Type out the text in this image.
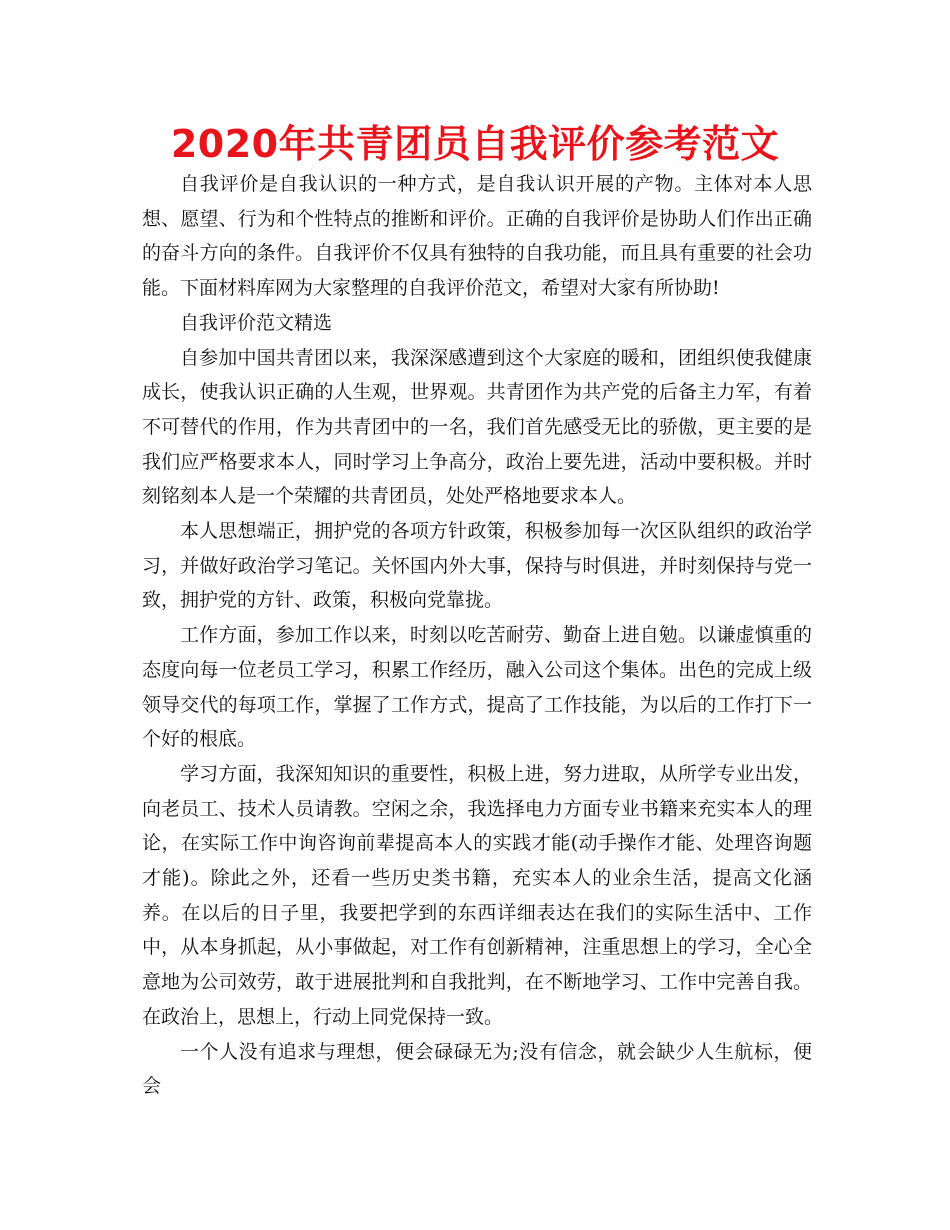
2020年共青团员自我评价参考范文

自我评价是自我认识的一种方式，是自我认识开展的产物。主体对本人思想、愿望、行为和个性特点的推断和评价。正确的自我评价是协助人们作出正确的奋斗方向的条件。自我评价不仅具有独特的自我功能，而且具有重要的社会功能。下面材料库网为大家整理的自我评价范文，希望对大家有所协助!

自我评价范文精选

自参加中国共青团以来，我深深感遭到这个大家庭的暖和，团组织使我健康成长，使我认识正确的人生观，世界观。共青团作为共产党的后备主力军，有着不可替代的作用，作为共青团中的一名，我们首先感受无比的骄傲，更主要的是我们应严格要求本人，同时学习上争高分，政治上要先进，活动中要积极。并时刻铭刻本人是一个荣耀的共青团员，处处严格地要求本人。

本人思想端正，拥护党的各项方针政策，积极参加每一次区队组织的政治学习，并做好政治学习笔记。关怀国内外大事，保持与时俱进，并时刻保持与党一致，拥护党的方针、政策，积极向党靠拢。

工作方面，参加工作以来，时刻以吃苦耐劳、勤奋上进自勉。以谦虚慎重的态度向每一位老员工学习，积累工作经历，融入公司这个集体。出色的完成上级领导交代的每项工作，掌握了工作方式，提高了工作技能，为以后的工作打下一个好的根底。

学习方面，我深知知识的重要性，积极上进，努力进取，从所学专业出发，向老员工、技术人员请教。空闲之余，我选择电力方面专业书籍来充实本人的理论，在实际工作中询咨询前辈提高本人的实践才能(动手操作才能、处理咨询题才能)。除此之外，还看一些历史类书籍，充实本人的业余生活，提高文化涵养。在以后的日子里，我要把学到的东西详细表达在我们的实际生活中、工作中，从本身抓起，从小事做起，对工作有创新精神，注重思想上的学习，全心全意地为公司效劳，敢于进展批判和自我批判，在不断地学习、工作中完善自我。在政治上，思想上，行动上同党保持一致。

一个人没有追求与理想，便会碌碌无为;没有信念，就会缺少人生航标，便会
